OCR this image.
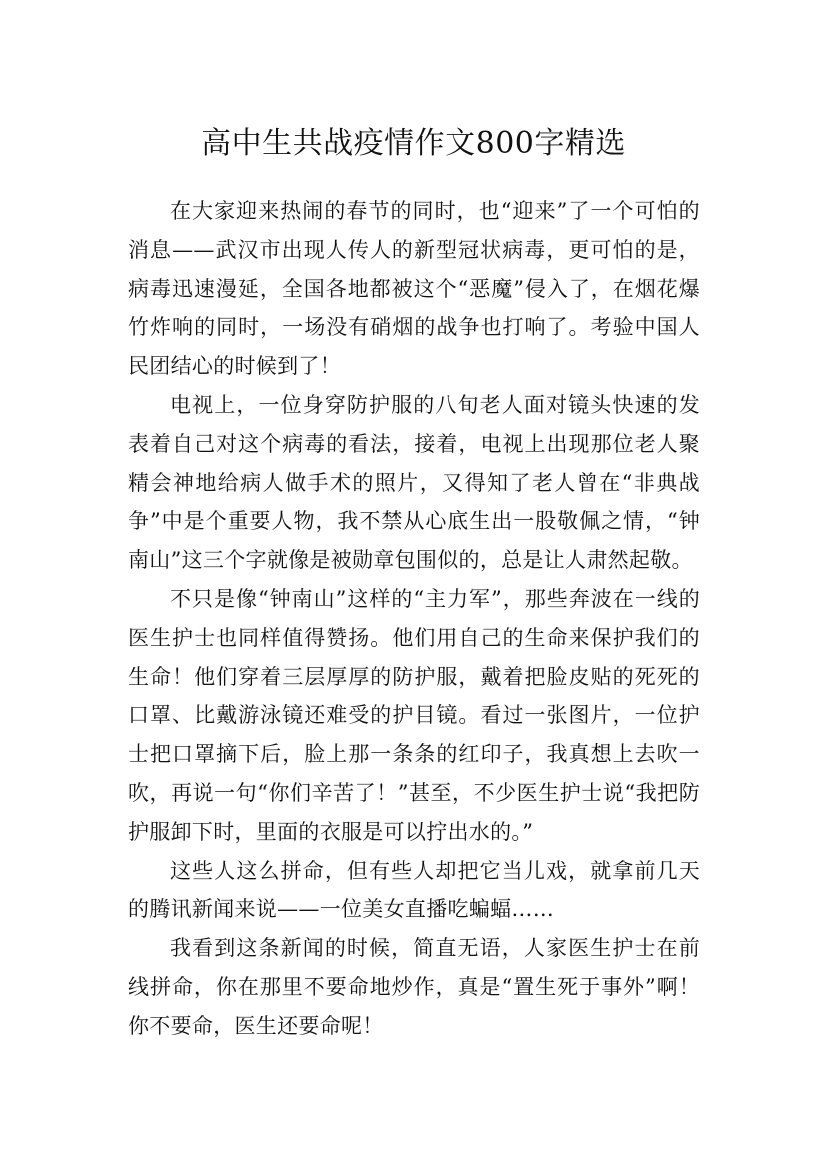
高中生共战疫情作文800字精选

在大家迎来热闹的春节的同时，也“迎来”了一个可怕的消息——武汉市出现人传人的新型冠状病毒，更可怕的是，病毒迅速漫延，全国各地都被这个“恶魔”侵入了，在烟花爆竹炸响的同时，一场没有硝烟的战争也打响了。考验中国人民团结心的时候到了！

电视上，一位身穿防护服的八旬老人面对镜头快速的发表着自己对这个病毒的看法，接着，电视上出现那位老人聚精会神地给病人做手术的照片，又得知了老人曾在“非典战争”中是个重要人物，我不禁从心底生出一股敬佩之情，“钟南山”这三个字就像是被勋章包围似的，总是让人肃然起敬。

不只是像“钟南山”这样的“主力军”，那些奔波在一线的医生护士也同样值得赞扬。他们用自己的生命来保护我们的生命！他们穿着三层厚厚的防护服，戴着把脸皮贴的死死的口罩、比戴游泳镜还难受的护目镜。看过一张图片，一位护士把口罩摘下后，脸上那一条条的红印子，我真想上去吹一吹，再说一句“你们辛苦了！”甚至，不少医生护士说“我把防护服卸下时，里面的衣服是可以拧出水的。”

这些人这么拼命，但有些人却把它当儿戏，就拿前几天的腾讯新闻来说——一位美女直播吃蝙蝠……

我看到这条新闻的时候，简直无语，人家医生护士在前线拼命，你在那里不要命地炒作，真是“置生死于事外”啊！你不要命，医生还要命呢！
